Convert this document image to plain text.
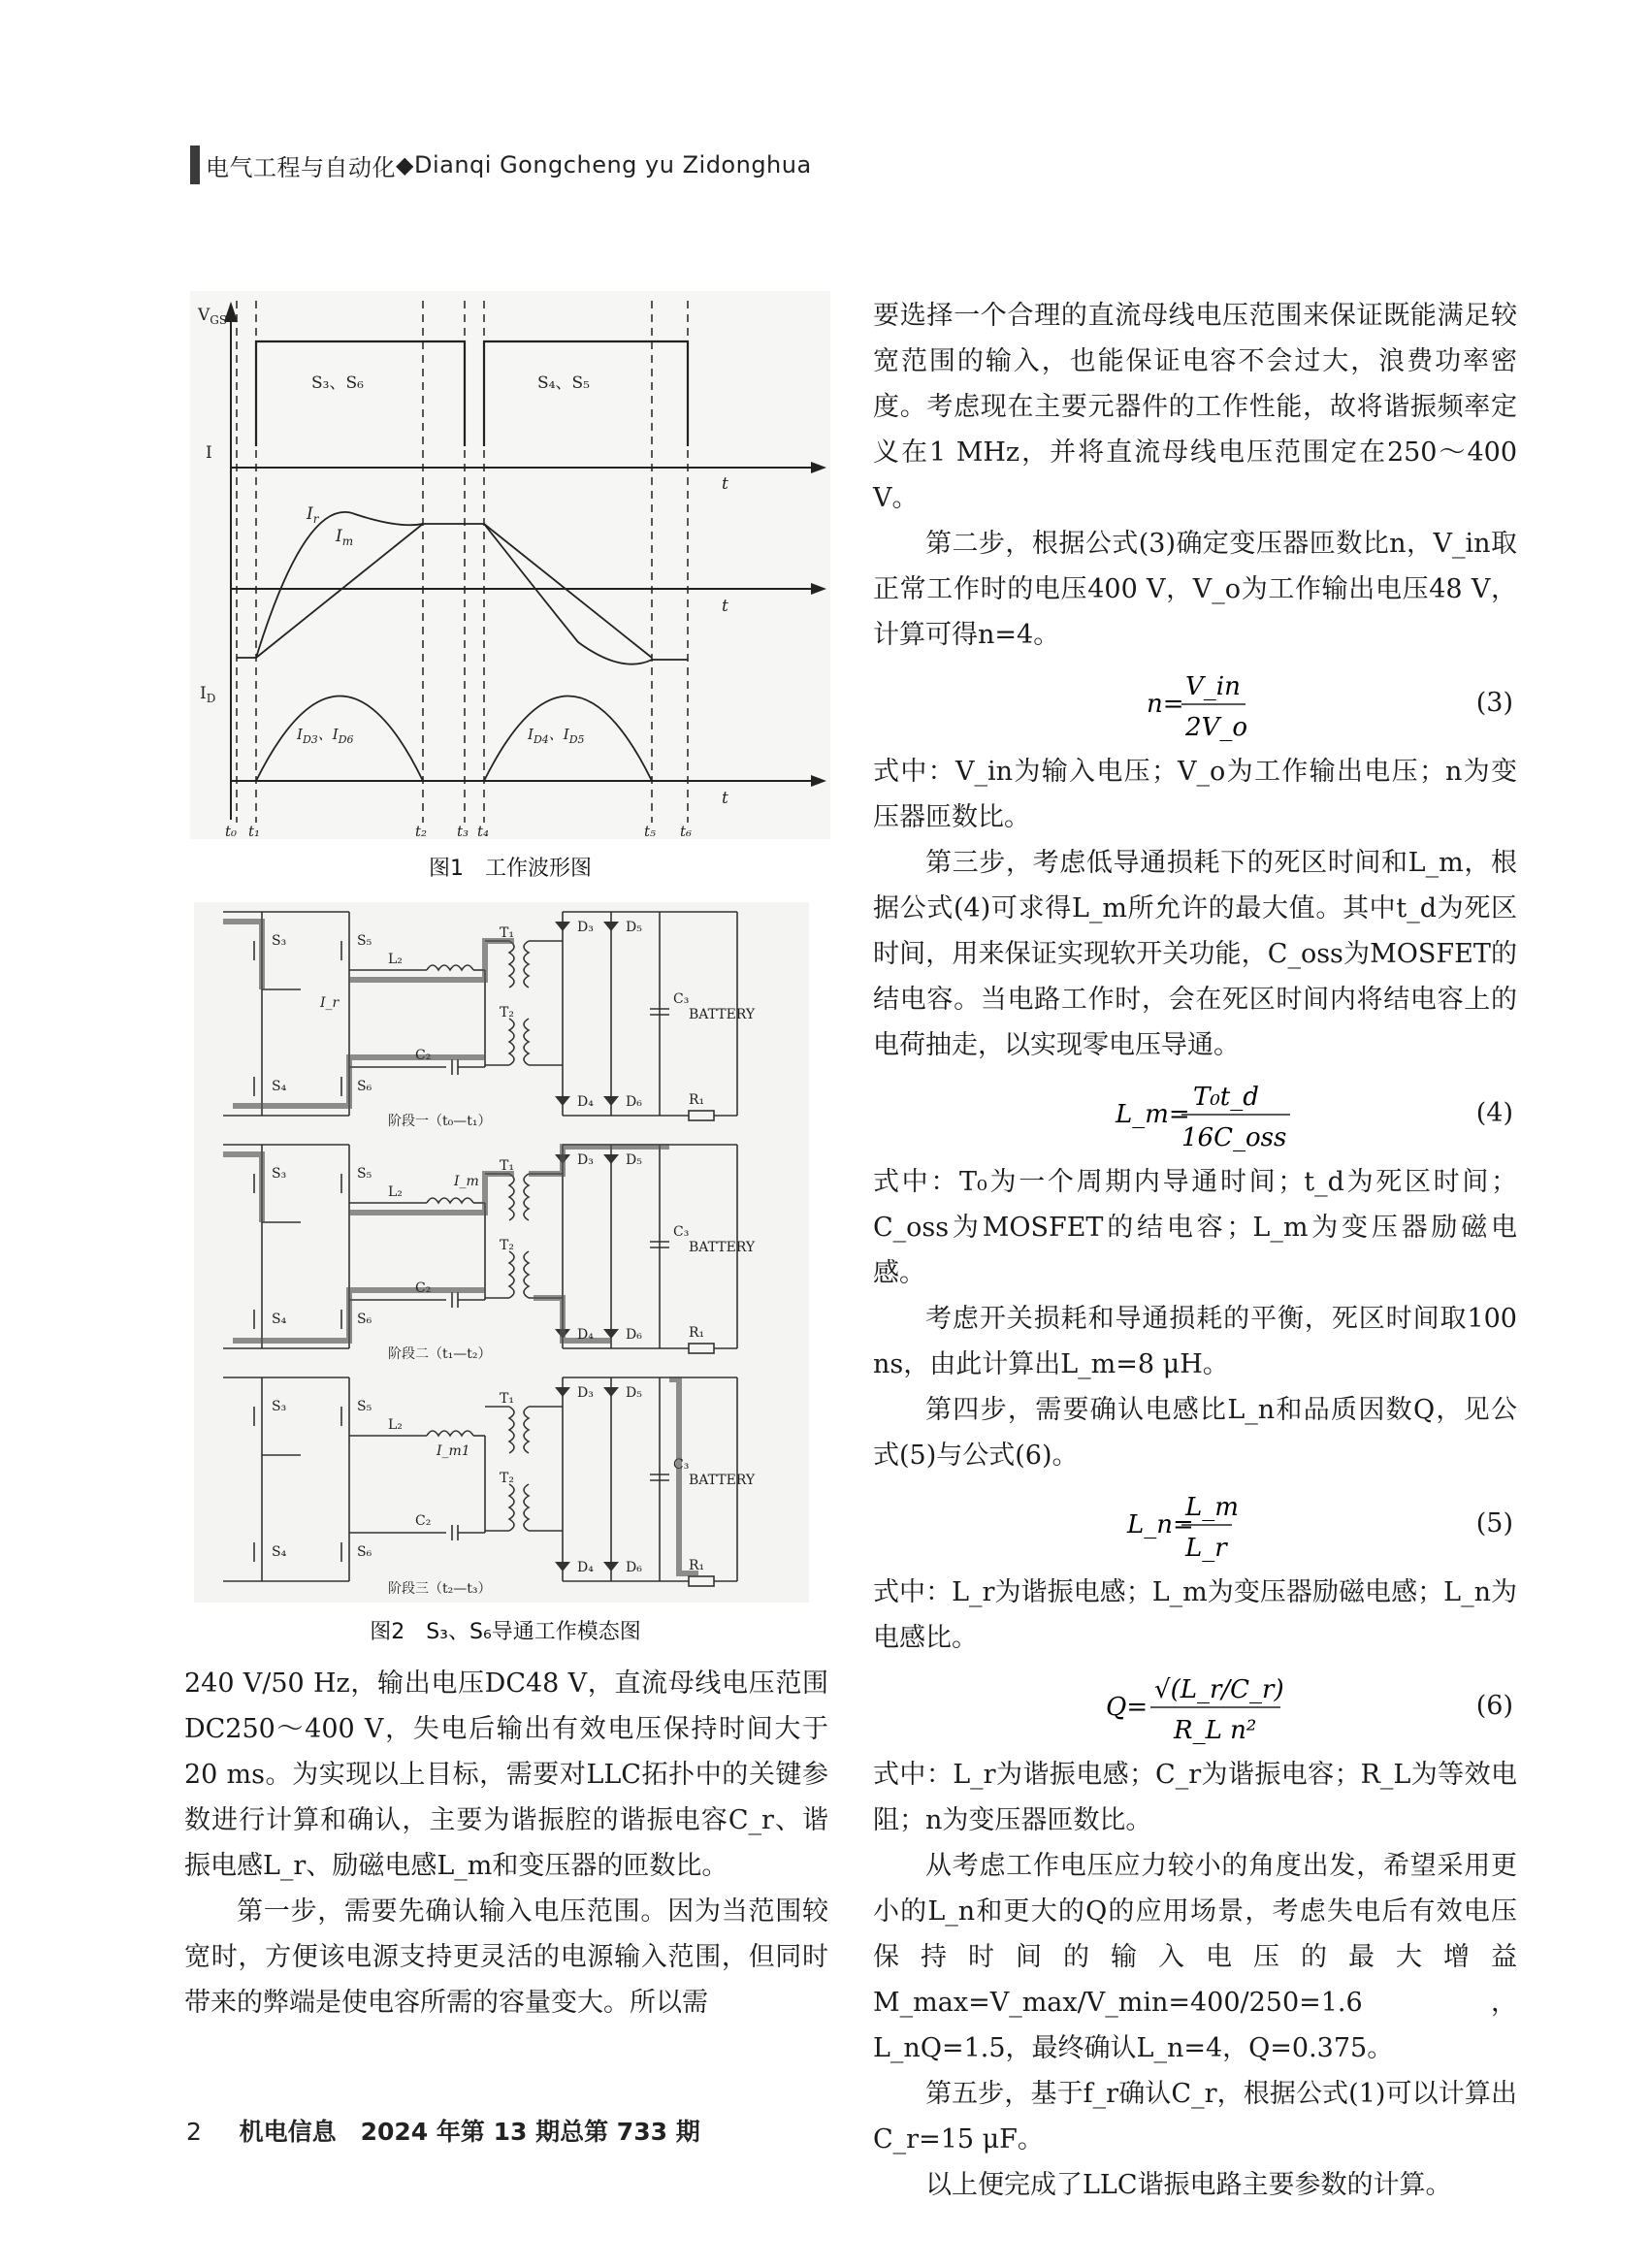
电气工程与自动化 ◆ Dianqi Gongcheng yu Zidonghua
$V_{GS}$
I
$I_D$
t
t
t
S₃、S₆	S₄、S₅
$I_r$
$I_m$
$I_{D3}$、$I_{D6}$	$I_{D4}$、$I_{D5}$
t₀ t₁	t₂ t₃ t₄	t₅ t₆
图1　工作波形图
S₃	S₅
S₄	S₆
L₂
C₂
T₁
T₂
D₃ D₅
D₄ D₆
C₃
BATTERY
R₁
I_r
阶段一（t₀—t₁）
S₃	S₅
S₄	S₆
L₂
C₂
T₁
T₂
D₃ D₅
D₄ D₆
C₃
BATTERY
R₁
I_m
阶段二（t₁—t₂）
S₃	S₅
S₄	S₆
L₂
C₂
T₁
T₂
D₃ D₅
D₄ D₆
C₃
BATTERY
R₁
I_m1
阶段三（t₂—t₃）
图2　S₃、S₆导通工作模态图

240 V/50 Hz，输出电压DC48 V，直流母线电压范围DC250～400 V，失电后输出有效电压保持时间大于20 ms。为实现以上目标，需要对LLC拓扑中的关键参数进行计算和确认，主要为谐振腔的谐振电容C_r、谐振电感L_r、励磁电感L_m和变压器的匝数比。

第一步，需要先确认输入电压范围。因为当范围较宽时，方便该电源支持更灵活的电源输入范围，但同时带来的弊端是使电容所需的容量变大。所以需

要选择一个合理的直流母线电压范围来保证既能满足较宽范围的输入，也能保证电容不会过大，浪费功率密度。考虑现在主要元器件的工作性能，故将谐振频率定义在1 MHz，并将直流母线电压范围定在250～400 V。

第二步，根据公式(3)确定变压器匝数比n，V_in取正常工作时的电压400 V，V_o为工作输出电压48 V，计算可得n=4。

n=
V_in
2V_o
(3)

式中：V_in为输入电压；V_o为工作输出电压；n为变压器匝数比。

第三步，考虑低导通损耗下的死区时间和L_m，根据公式(4)可求得L_m所允许的最大值。其中t_d为死区时间，用来保证实现软开关功能，C_oss为MOSFET的结电容。当电路工作时，会在死区时间内将结电容上的电荷抽走，以实现零电压导通。

L_m=
T₀t_d
16C_oss
(4)

式中：T₀为一个周期内导通时间；t_d为死区时间；C_oss为MOSFET的结电容；L_m为变压器励磁电感。

考虑开关损耗和导通损耗的平衡，死区时间取100 ns，由此计算出L_m=8 μH。

第四步，需要确认电感比L_n和品质因数Q，见公式(5)与公式(6)。

L_n=
L_m
L_r
(5)

式中：L_r为谐振电感；L_m为变压器励磁电感；L_n为电感比。

Q=
√(L_r/C_r)
R_L n²
(6)

式中：L_r为谐振电感；C_r为谐振电容；R_L为等效电阻；n为变压器匝数比。

从考虑工作电压应力较小的角度出发，希望采用更小的L_n和更大的Q的应用场景，考虑失电后有效电压保持时间的输入电压的最大增益M_max=V_max/V_min=400/250=1.6，L_nQ=1.5，最终确认L_n=4，Q=0.375。

第五步，基于f_r确认C_r，根据公式(1)可以计算出C_r=15 μF。

以上便完成了LLC谐振电路主要参数的计算。

2 机电信息　2024 年第 13 期总第 733 期
